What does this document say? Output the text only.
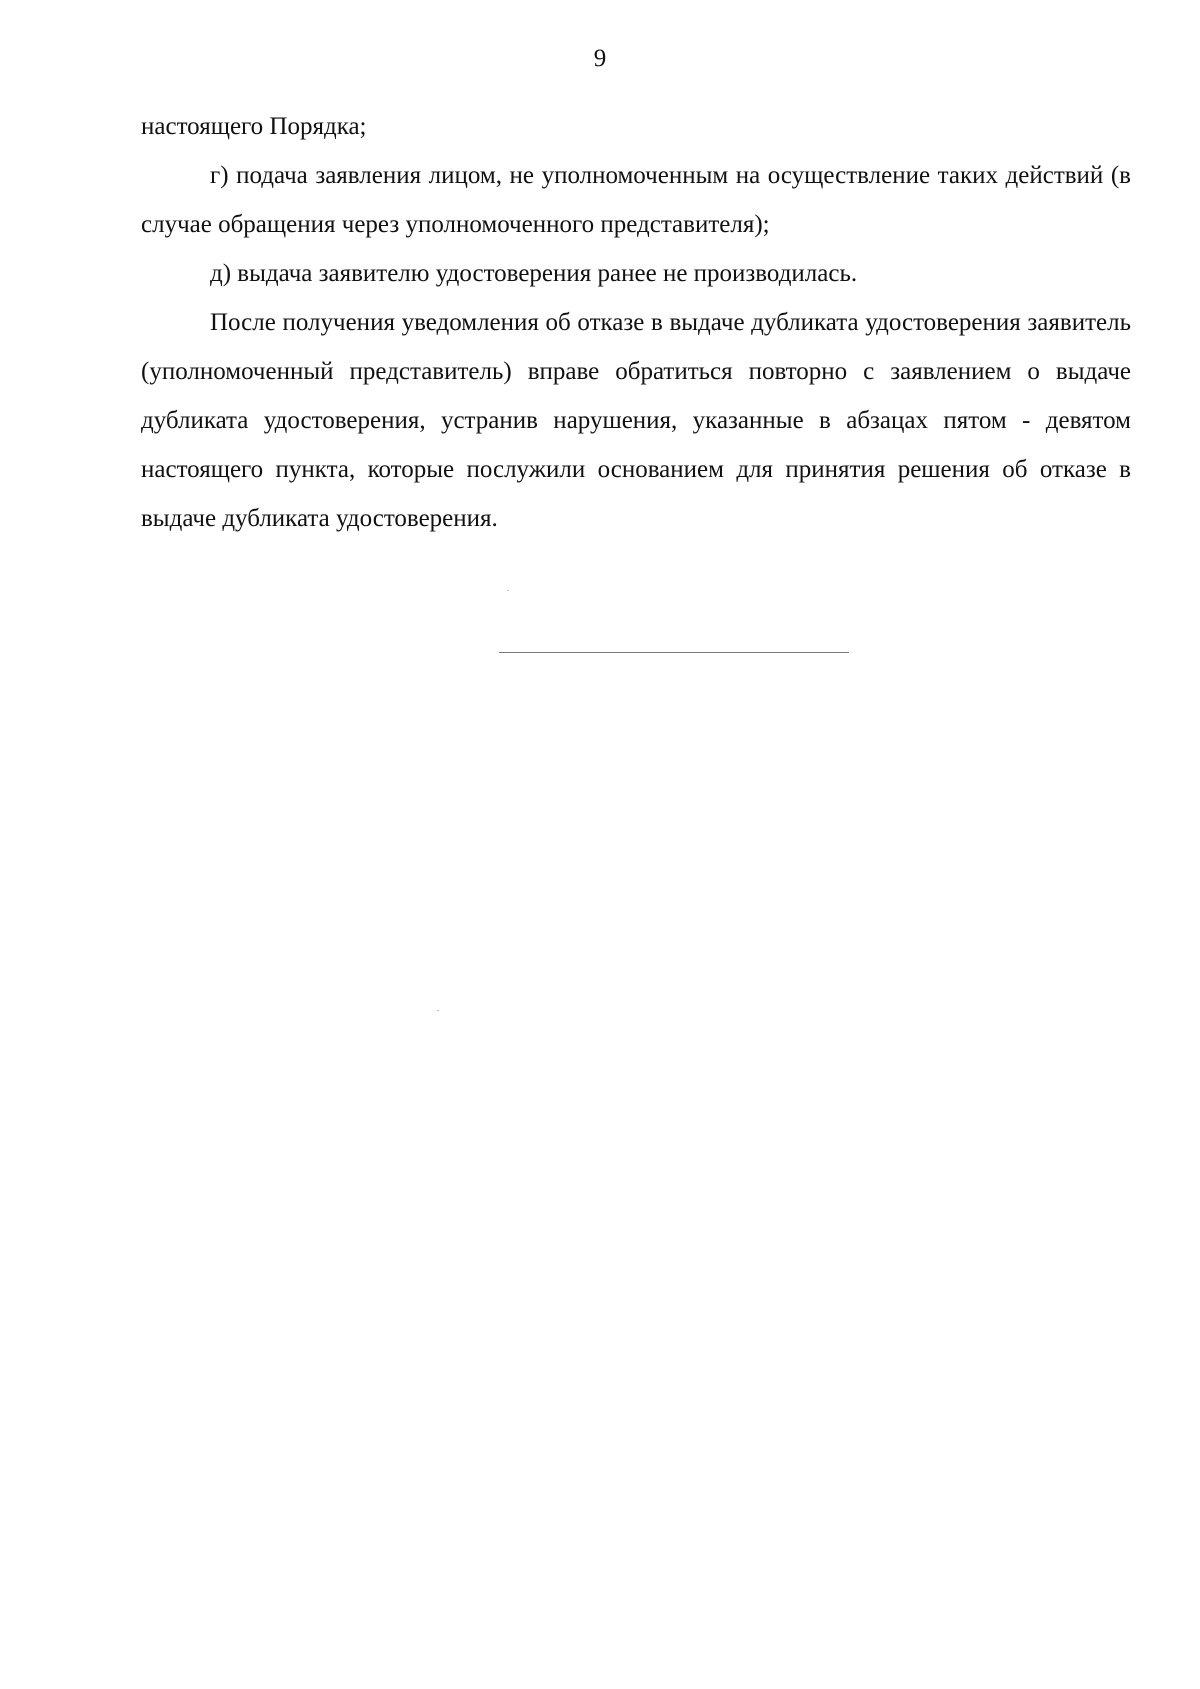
9

настоящего Порядка;

г) подача заявления лицом, не уполномоченным на осуществление таких действий (в случае обращения через уполномоченного представителя);

д) выдача заявителю удостоверения ранее не производилась.

После получения уведомления об отказе в выдаче дубликата удостоверения заявитель (уполномоченный представитель) вправе обратиться повторно с заявлением о выдаче дубликата удостоверения, устранив нарушения, указанные в абзацах пятом - девятом настоящего пункта, которые послужили основанием для принятия решения об отказе в выдаче дубликата удостоверения.
